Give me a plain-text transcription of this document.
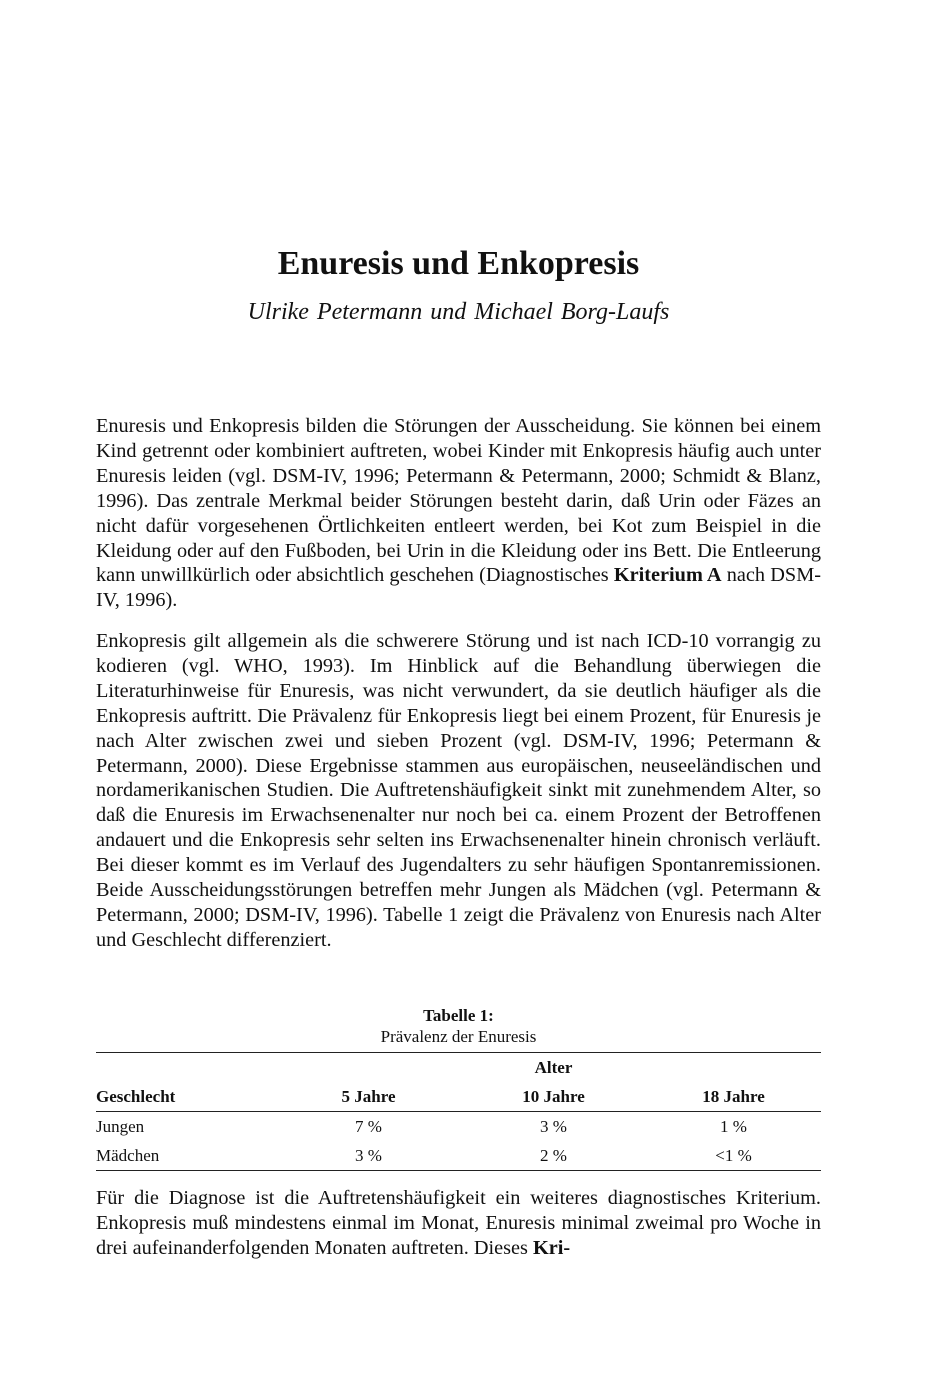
Enuresis und Enkopresis

Ulrike Petermann und Michael Borg-Laufs

Enuresis und Enkopresis bilden die Störungen der Ausscheidung. Sie können bei einem Kind getrennt oder kombiniert auftreten, wobei Kinder mit Enkopresis häufig auch unter Enuresis leiden (vgl. DSM-IV, 1996; Petermann & Petermann, 2000; Schmidt & Blanz, 1996). Das zentrale Merkmal beider Störungen besteht darin, daß Urin oder Fäzes an nicht dafür vorgesehenen Örtlichkeiten entleert werden, bei Kot zum Beispiel in die Kleidung oder auf den Fußboden, bei Urin in die Kleidung oder ins Bett. Die Entleerung kann unwillkürlich oder absichtlich geschehen (Diagnostisches Kriterium A nach DSM-IV, 1996).

Enkopresis gilt allgemein als die schwerere Störung und ist nach ICD-10 vorrangig zu kodieren (vgl. WHO, 1993). Im Hinblick auf die Behandlung überwiegen die Literaturhinweise für Enuresis, was nicht verwundert, da sie deutlich häufiger als die Enkopresis auftritt. Die Prävalenz für Enkopresis liegt bei einem Prozent, für Enuresis je nach Alter zwischen zwei und sieben Prozent (vgl. DSM-IV, 1996; Petermann & Petermann, 2000). Diese Ergebnisse stammen aus europäischen, neuseeländischen und nordamerikanischen Studien. Die Auftretenshäufigkeit sinkt mit zunehmendem Alter, so daß die Enuresis im Erwachsenenalter nur noch bei ca. einem Prozent der Betroffenen andauert und die Enkopresis sehr selten ins Erwachsenenalter hinein chronisch verläuft. Bei dieser kommt es im Verlauf des Jugendalters zu sehr häufigen Spontanremissionen. Beide Ausscheidungsstörungen betreffen mehr Jungen als Mädchen (vgl. Petermann & Petermann, 2000; DSM-IV, 1996). Tabelle 1 zeigt die Prävalenz von Enuresis nach Alter und Geschlecht differenziert.

Tabelle 1:

Prävalenz der Enuresis

		Alter	
Geschlecht	5 Jahre	10 Jahre	18 Jahre
Jungen	7 %	3 %	1 %
Mädchen	3 %	2 %	<1 %

Für die Diagnose ist die Auftretenshäufigkeit ein weiteres diagnostisches Kriterium. Enkopresis muß mindestens einmal im Monat, Enuresis minimal zweimal pro Woche in drei aufeinanderfolgenden Monaten auftreten. Dieses Kri-
